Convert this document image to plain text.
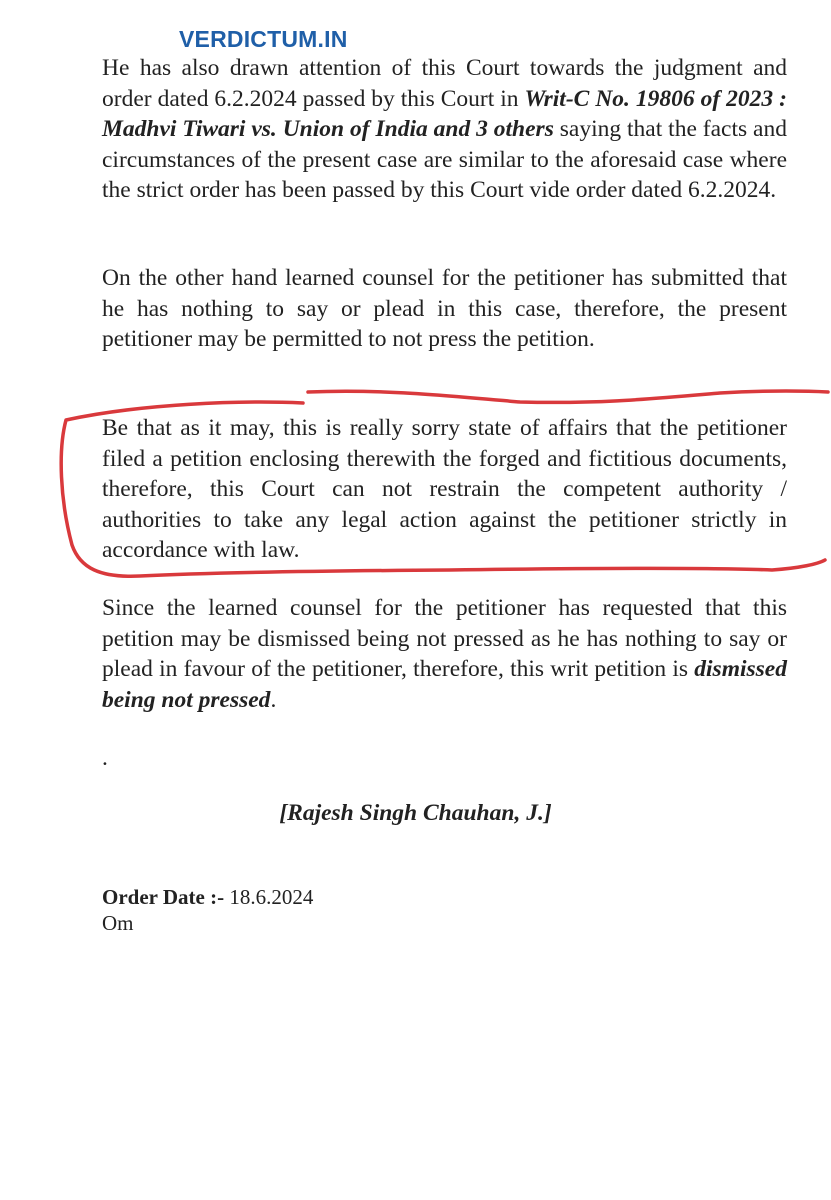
VERDICTUM.IN

He has also drawn attention of this Court towards the judgment and order dated 6.2.2024 passed by this Court in Writ-C No. 19806 of 2023 : Madhvi Tiwari vs. Union of India and 3 others saying that the facts and circumstances of the present case are similar to the aforesaid case where the strict order has been passed by this Court vide order dated 6.2.2024.

On the other hand learned counsel for the petitioner has submitted that he has nothing to say or plead in this case, therefore, the present petitioner may be permitted to not press the petition.

Be that as it may, this is really sorry state of affairs that the petitioner filed a petition enclosing therewith the forged and fictitious documents, therefore, this Court can not restrain the competent authority / authorities to take any legal action against the petitioner strictly in accordance with law.

Since the learned counsel for the petitioner has requested that this petition may be dismissed being not pressed as he has nothing to say or plead in favour of the petitioner, therefore, this writ petition is dismissed being not pressed.

.

[Rajesh Singh Chauhan, J.]

Order Date :- 18.6.2024

Om
